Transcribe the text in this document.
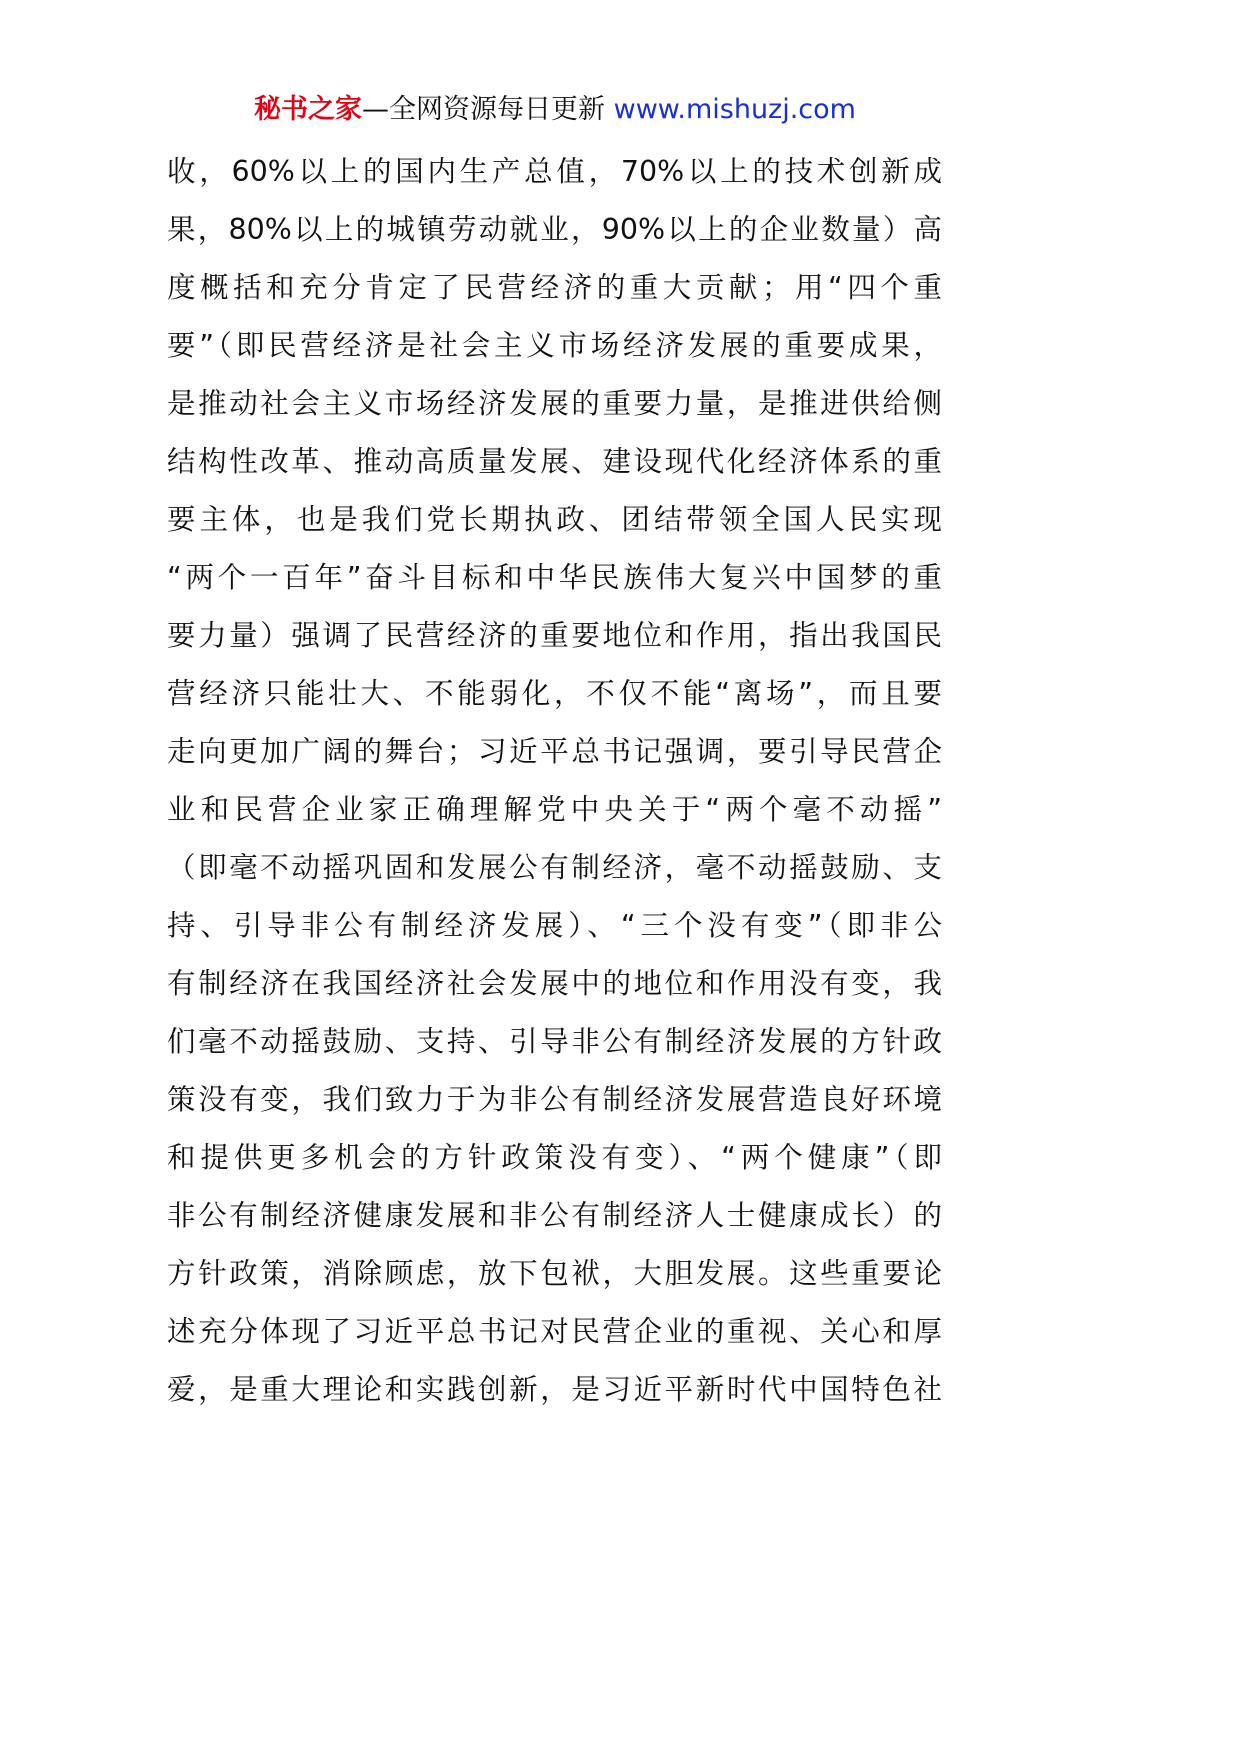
秘书之家—全网资源每日更新 www.mishuzj.com
收，60%以上的国内生产总值，70%以上的技术创新成
果，80%以上的城镇劳动就业，90%以上的企业数量）高
度概括和充分肯定了民营经济的重大贡献；用“四个重
要”（即民营经济是社会主义市场经济发展的重要成果，
是推动社会主义市场经济发展的重要力量，是推进供给侧
结构性改革、推动高质量发展、建设现代化经济体系的重
要主体，也是我们党长期执政、团结带领全国人民实现
“两个一百年”奋斗目标和中华民族伟大复兴中国梦的重
要力量）强调了民营经济的重要地位和作用，指出我国民
营经济只能壮大、不能弱化，不仅不能“离场”，而且要
走向更加广阔的舞台；习近平总书记强调，要引导民营企
业和民营企业家正确理解党中央关于“两个毫不动摇”
（即毫不动摇巩固和发展公有制经济，毫不动摇鼓励、支
持、引导非公有制经济发展）、“三个没有变”（即非公
有制经济在我国经济社会发展中的地位和作用没有变，我
们毫不动摇鼓励、支持、引导非公有制经济发展的方针政
策没有变，我们致力于为非公有制经济发展营造良好环境
和提供更多机会的方针政策没有变）、“两个健康”（即
非公有制经济健康发展和非公有制经济人士健康成长）的
方针政策，消除顾虑，放下包袱，大胆发展。这些重要论
述充分体现了习近平总书记对民营企业的重视、关心和厚
爱，是重大理论和实践创新，是习近平新时代中国特色社
